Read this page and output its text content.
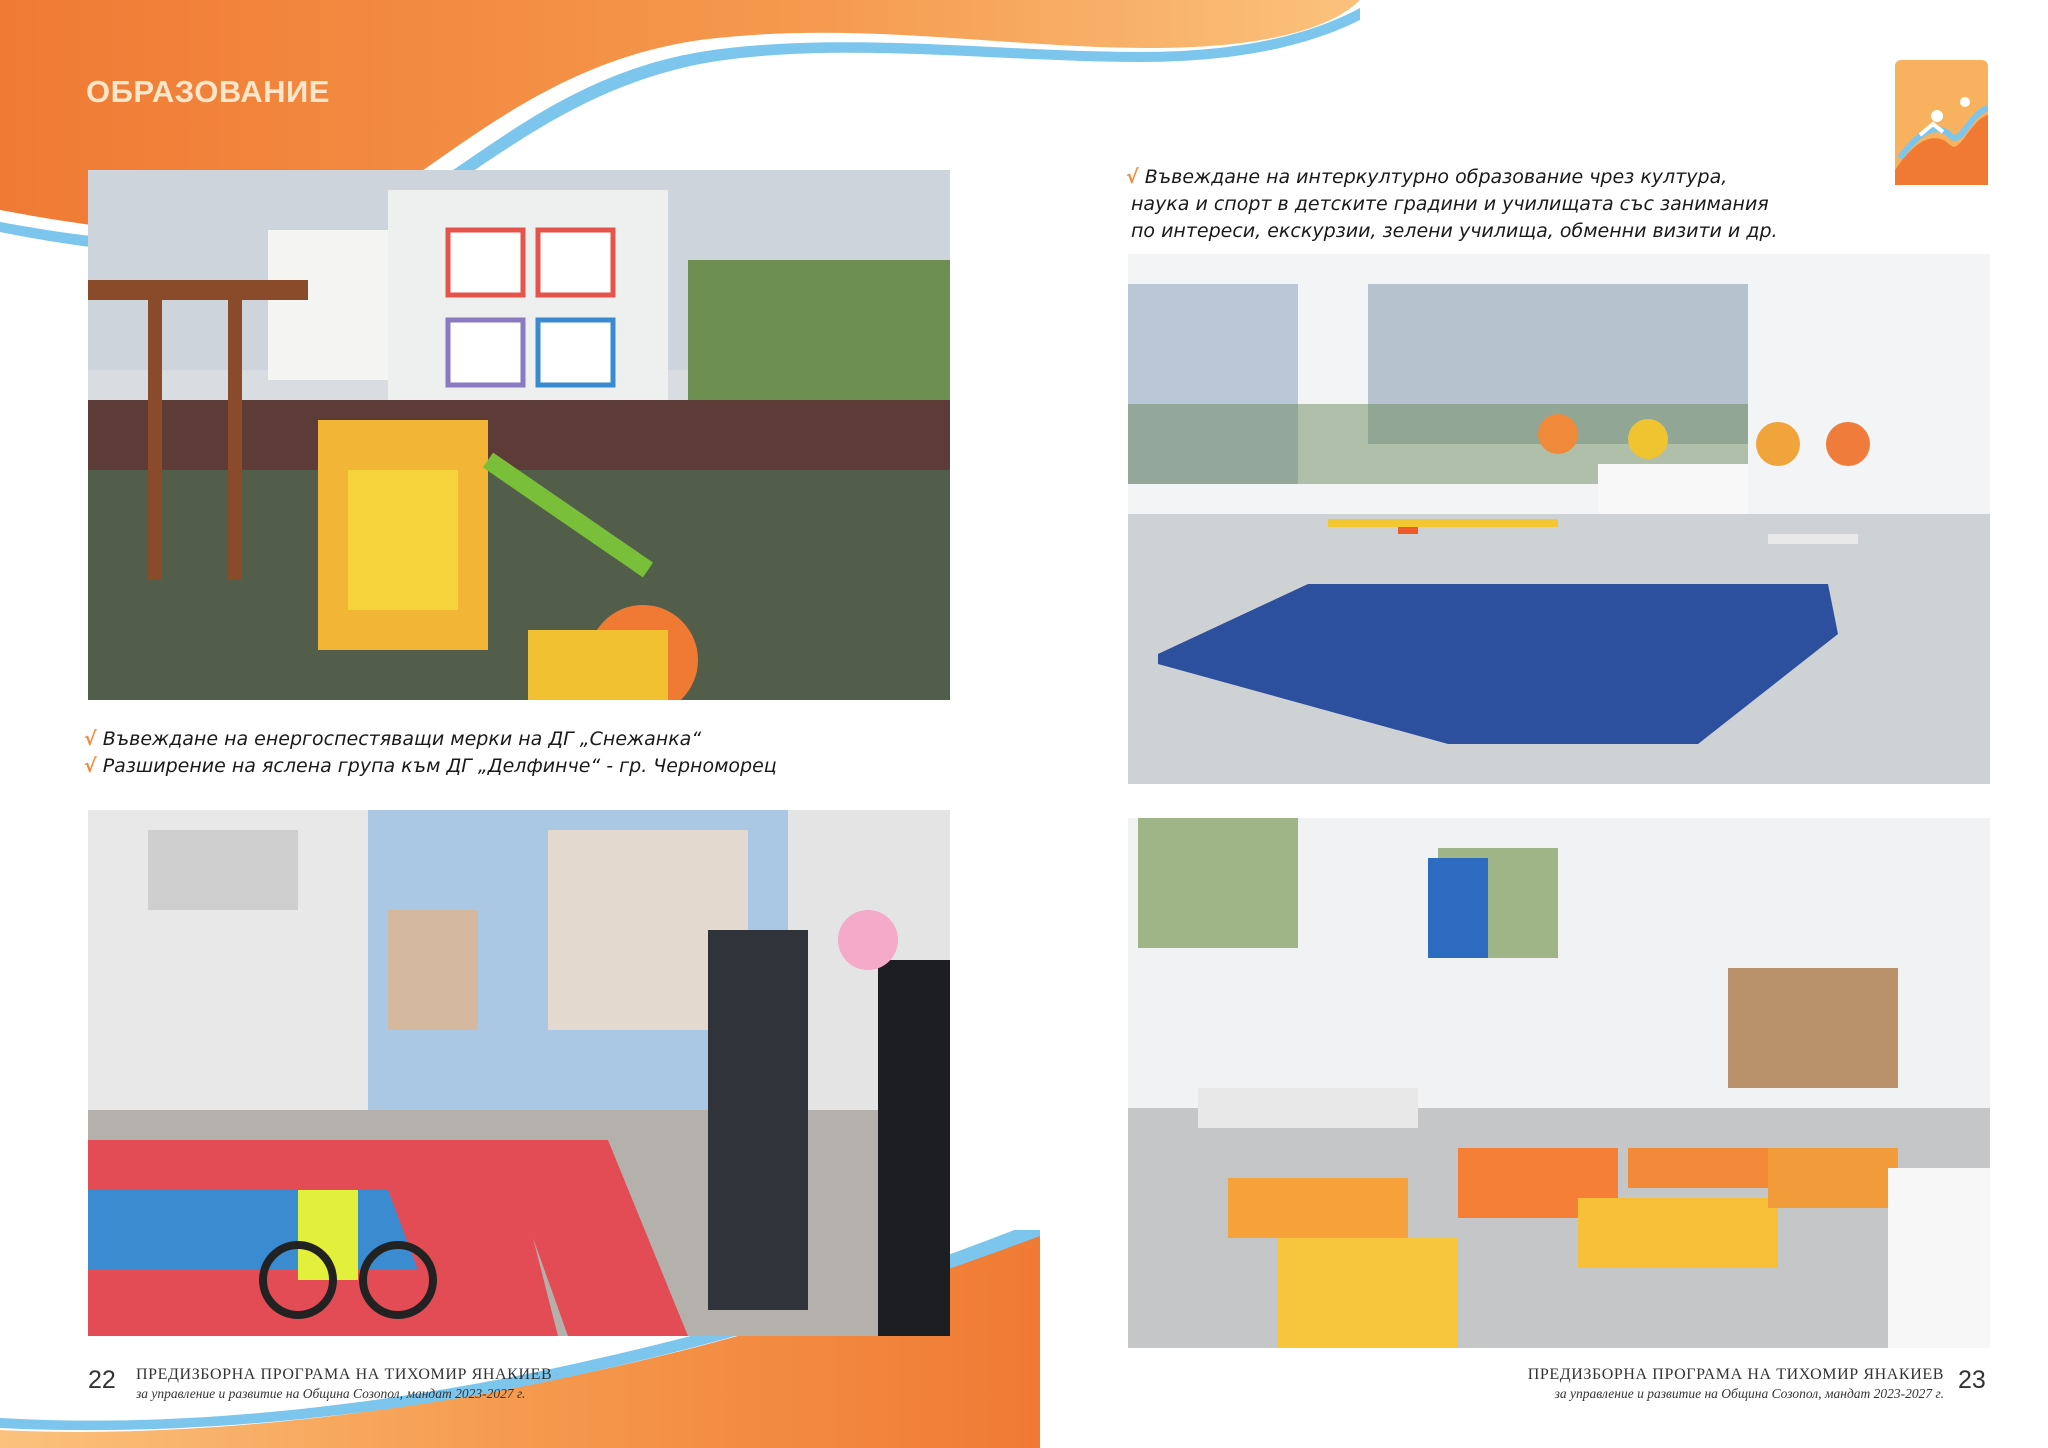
ОБРАЗОВАНИЕ
√ Въвеждане на енергоспестяващи мерки на ДГ „Снежанка“
√ Разширение на яслена група към ДГ „Делфинче“ - гр. Черноморец
√ Въвеждане на интеркултурно образование чрез култура,
наука и спорт в детските градини и училищата със занимания
по интереси, екскурзии, зелени училища, обменни визити и др.
22 ПРЕДИЗБОРНА ПРОГРАМА НА ТИХОМИР ЯНАКИЕВ
за управление и развитие на Община Созопол, мандат 2023-2027 г.
ПРЕДИЗБОРНА ПРОГРАМА НА ТИХОМИР ЯНАКИЕВ
за управление и развитие на Община Созопол, мандат 2023-2027 г. 23
